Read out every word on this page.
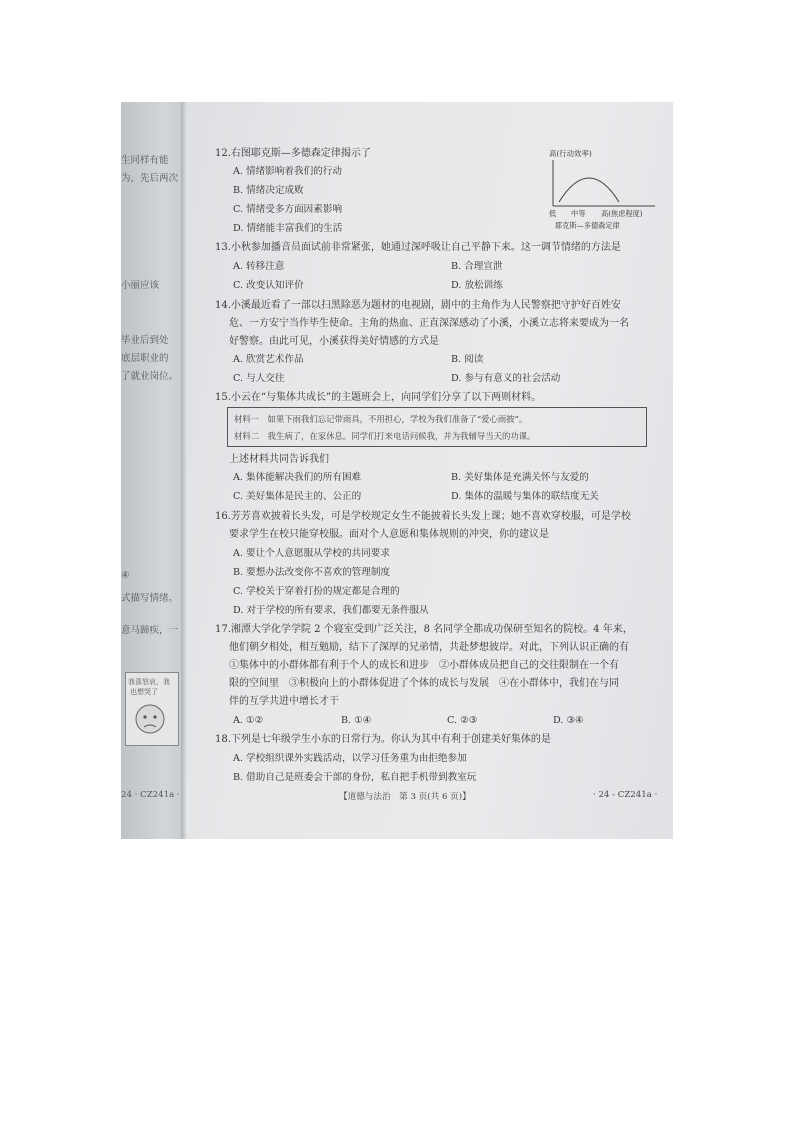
生同样有能
为，先后两次
小丽应该
毕业后到处
底层职业的
了就业岗位。
④
式描写情绪。
意马蹄疾，一
我喜怒哀，我
也想哭了
24 · CZ241a ·
12.右图耶克斯—多德森定律揭示了
A. 情绪影响着我们的行动
B. 情绪决定成败
C. 情绪受多方面因素影响
D. 情绪能丰富我们的生活
高(行动效率)
低 中等 高(焦虑程度)
耶克斯—多德森定律
13.小秋参加播音员面试前非常紧张，她通过深呼吸让自己平静下来。这一调节情绪的方法是
A. 转移注意	B. 合理宣泄
C. 改变认知评价	D. 放松训练
14.小溪最近看了一部以扫黑除恶为题材的电视剧，剧中的主角作为人民警察把守护好百姓安
危、一方安宁当作毕生使命。主角的热血、正直深深感动了小溪，小溪立志将来要成为一名
好警察。由此可见，小溪获得美好情感的方式是
A. 欣赏艺术作品	B. 阅读
C. 与人交往	D. 参与有意义的社会活动
15.小云在“与集体共成长”的主题班会上，向同学们分享了以下两则材料。
材料一　如果下雨我们忘记带雨具，不用担心，学校为我们准备了“爱心雨披”。
材料二　我生病了，在家休息。同学们打来电话问候我，并为我辅导当天的功课。
上述材料共同告诉我们
A. 集体能解决我们的所有困难	B. 美好集体是充满关怀与友爱的
C. 美好集体是民主的、公正的	D. 集体的温暖与集体的联结度无关
16.芳芳喜欢披着长头发，可是学校规定女生不能披着长头发上课；她不喜欢穿校服，可是学校
要求学生在校只能穿校服。面对个人意愿和集体规则的冲突，你的建议是
A. 要让个人意愿服从学校的共同要求
B. 要想办法改变你不喜欢的管理制度
C. 学校关于穿着打扮的规定都是合理的
D. 对于学校的所有要求，我们都要无条件服从
17.湘潭大学化学学院 2 个寝室受到广泛关注，8 名同学全都成功保研至知名的院校。4 年来，
他们朝夕相处，相互勉励，结下了深厚的兄弟情，共赴梦想彼岸。对此，下列认识正确的有
①集体中的小群体都有利于个人的成长和进步　②小群体成员把自己的交往限制在一个有
限的空间里　③积极向上的小群体促进了个体的成长与发展　④在小群体中，我们在与同
伴的互学共进中增长才干
A. ①②	B. ①④	C. ②③	D. ③④
18.下列是七年级学生小东的日常行为。你认为其中有利于创建美好集体的是
A. 学校组织课外实践活动，以学习任务重为由拒绝参加
B. 借助自己是班委会干部的身份，私自把手机带到教室玩
【道德与法治　第 3 页(共 6 页)】	· 24 - CZ241a ·
